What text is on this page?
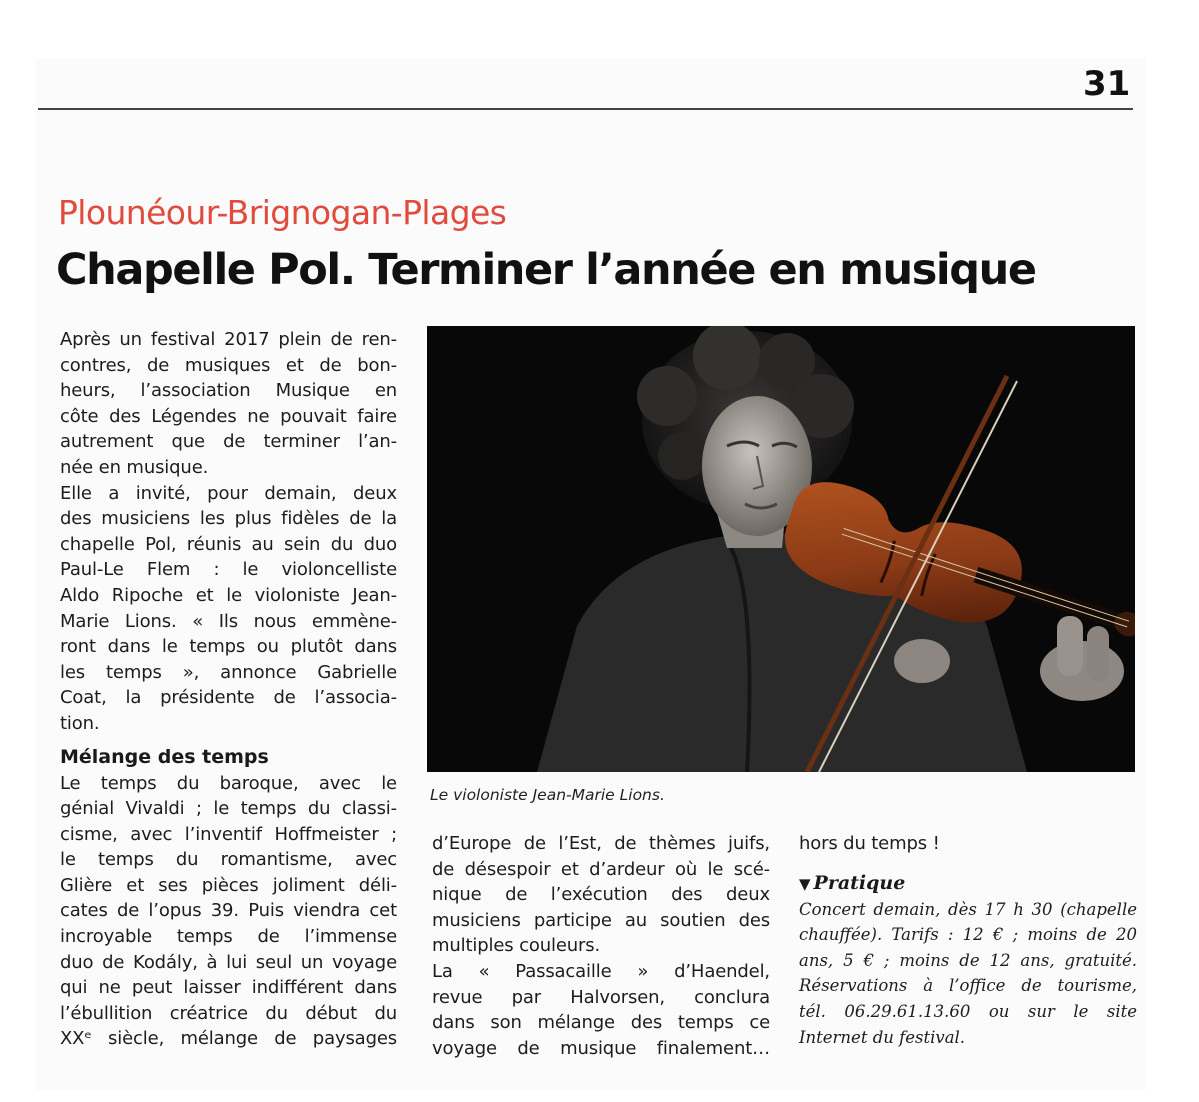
31
Plounéour-Brignogan-Plages
Chapelle Pol. Terminer l’année en musique
Après un festival 2017 plein de ren-
contres, de musiques et de bon-
heurs, l’association Musique en
côte des Légendes ne pouvait faire
autrement que de terminer l’an-
née en musique.
Elle a invité, pour demain, deux
des musiciens les plus fidèles de la
chapelle Pol, réunis au sein du duo
Paul-Le Flem : le violoncelliste
Aldo Ripoche et le violoniste Jean-
Marie Lions. « Ils nous emmène-
ront dans le temps ou plutôt dans
les temps », annonce Gabrielle
Coat, la présidente de l’associa-
tion.
Mélange des temps
Le temps du baroque, avec le
génial Vivaldi ; le temps du classi-
cisme, avec l’inventif Hoffmeister ;
le temps du romantisme, avec
Glière et ses pièces joliment déli-
cates de l’opus 39. Puis viendra cet
incroyable temps de l’immense
duo de Kodály, à lui seul un voyage
qui ne peut laisser indifférent dans
l’ébullition créatrice du début du
XXᵉ siècle, mélange de paysages
Le violoniste Jean-Marie Lions.
d’Europe de l’Est, de thèmes juifs,
de désespoir et d’ardeur où le scé-
nique de l’exécution des deux
musiciens participe au soutien des
multiples couleurs.
La « Passacaille » d’Haendel,
revue par Halvorsen, conclura
dans son mélange des temps ce
voyage de musique finalement…
hors du temps !
▼ Pratique
Concert demain, dès 17 h 30 (chapelle
chauffée). Tarifs : 12 € ; moins de 20
ans, 5 € ; moins de 12 ans, gratuité.
Réservations à l’office de tourisme,
tél. 06.29.61.13.60 ou sur le site
Internet du festival.
